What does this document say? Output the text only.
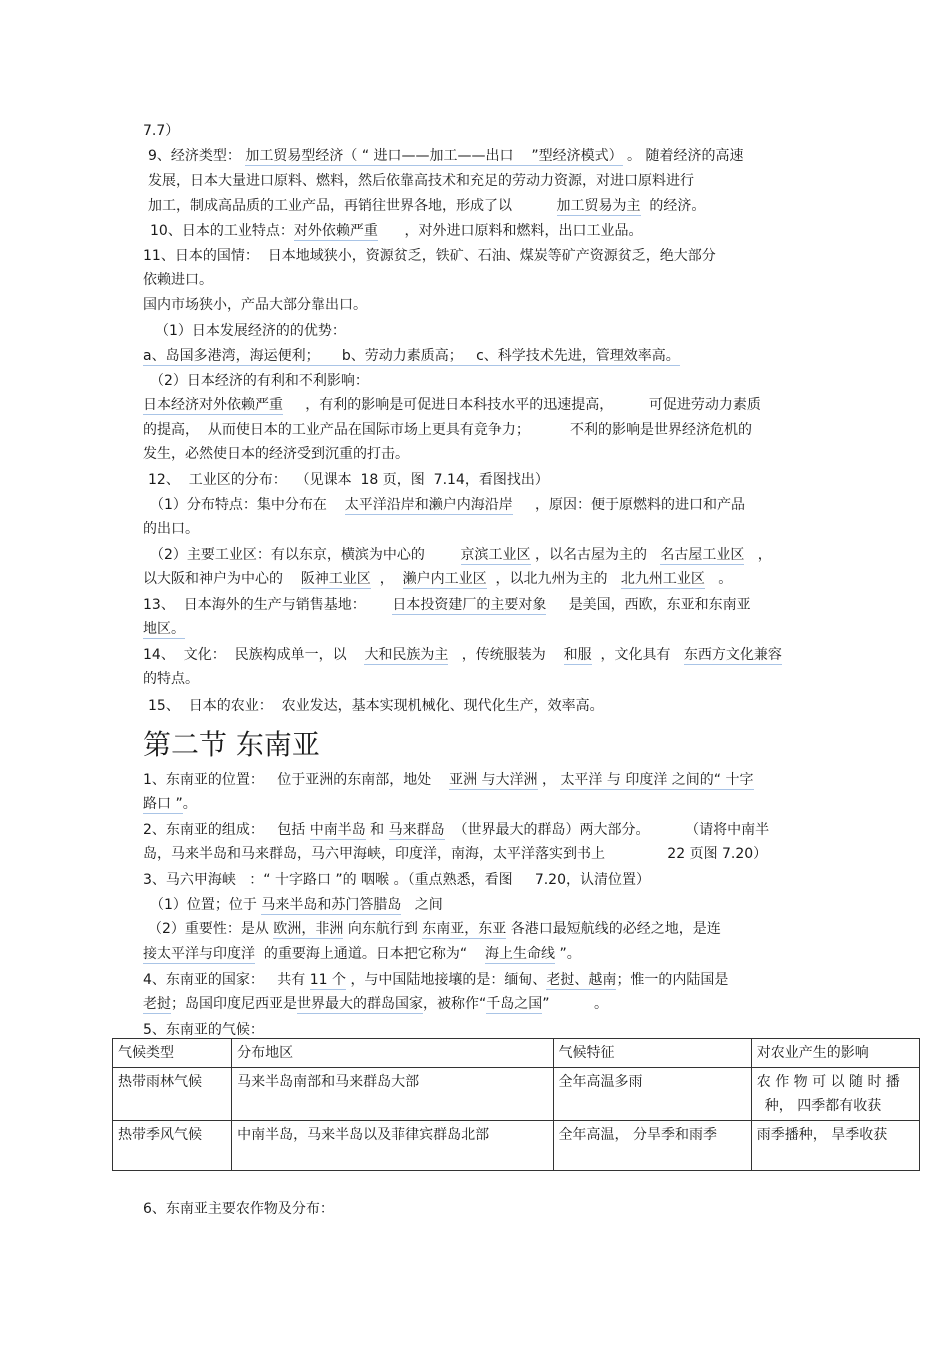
7.7）
9、经济类型： 加工贸易型经济（ “ 进口——加工——出口    ”型经济模式） 。 随着经济的高速
发展，日本大量进口原料、燃料，然后依靠高技术和充足的劳动力资源，对进口原料进行
加工，制成高品质的工业产品，再销往世界各地，形成了以	加工贸易为主 的经济。
10、日本的工业特点：对外依赖严重 ，对外进口原料和燃料，出口工业品。
11、日本的国情：  日本地域狭小，资源贫乏，铁矿、石油、煤炭等矿产资源贫乏，绝大部分
依赖进口。
国内市场狭小，产品大部分靠出口。
（1）日本发展经济的的优势：
a、岛国多港湾，海运便利；     b、劳动力素质高；   c、科学技术先进，管理效率高。
（2）日本经济的有利和不利影响：
日本经济对外依赖严重 ，有利的影响是可促进日本科技水平的迅速提高，        可促进劳动力素质
的提高，  从而使日本的工业产品在国际市场上更具有竞争力；         不利的影响是世界经济危机的
发生，必然使日本的经济受到沉重的打击。
12、  工业区的分布：  （见课本  18 页，图  7.14，看图找出）
（1）分布特点：集中分布在 太平洋沿岸和濑户内海沿岸 ，原因：便于原燃料的进口和产品
的出口。
（2）主要工业区：有以东京，横滨为中心的	京滨工业区 ，以名古屋为主的 名古屋工业区 ，
以大阪和神户为中心的 阪神工业区 ， 濑户内工业区 ，以北九州为主的 北九州工业区 。
13、  日本海外的生产与销售基地： 日本投资建厂的主要对象 是美国，西欧，东亚和东南亚
地区。
14、  文化：  民族构成单一，以 大和民族为主 ，传统服装为 和服 ，文化具有 东西方文化兼容
的特点。
15、  日本的农业：  农业发达，基本实现机械化、现代化生产，效率高。
第二节 东南亚
1、东南亚的位置：   位于亚洲的东南部，地处 亚洲 与大洋洲 ， 太平洋 与 印度洋 之间的“ 十字
路口 ”。
2、东南亚的组成：   包括 中南半岛 和 马来群岛 （世界最大的群岛）两大部分。        （请将中南半
岛，马来半岛和马来群岛，马六甲海峡，印度洋，南海，太平洋落实到书上              22 页图 7.20）
3、马六甲海峡   ：“ 十字路口 ”的 咽喉 。（重点熟悉，看图     7.20，认清位置）
（1）位置；位于 马来半岛和苏门答腊岛 之间
（2）重要性：是从 欧洲，非洲 向东航行到 东南亚，东亚 各港口最短航线的必经之地，是连
接太平洋与印度洋 的重要海上通道。日本把它称为“ 海上生命线 ”。
4、东南亚的国家：   共有 11 个 ，与中国陆地接壤的是：缅甸、老挝、越南；惟一的内陆国是
老挝；岛国印度尼西亚是世界最大的群岛国家，被称作“千岛之国”          。
5、东南亚的气候：
气候类型	分布地区	气候特征	对农业产生的影响
热带雨林气候	马来半岛南部和马来群岛大部	全年高温多雨	农 作 物 可 以 随 时 播
种， 四季都有收获

热带季风气候	中南半岛，马来半岛以及菲律宾群岛北部	全年高温， 分旱季和雨季	雨季播种， 旱季收获
6、东南亚主要农作物及分布：
